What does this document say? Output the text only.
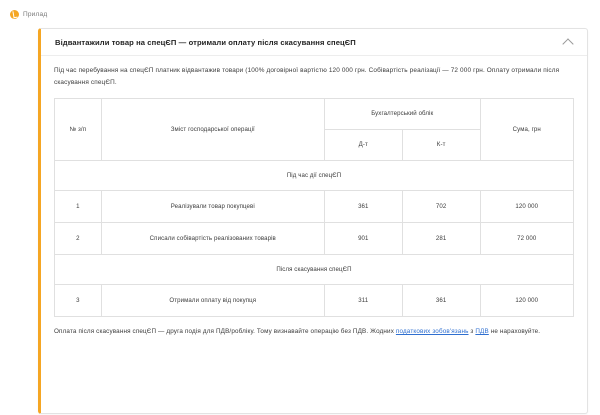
Прилад
Відвантажили товар на спецЄП — отримали оплату після скасування спецЄП

Під час перебування на спецЄП платник відвантажив товари (100% договірної вартістю 120 000 грн. Собівартість реалізації — 72 000 грн. Оплату отримали після скасування спецЄП.

№ з/п	Зміст господарської операції	Бухгалтерський облік		Сума, грн
		Д-т	К-т	
Під час дії спецЄП				
1	Реалізували товар покупцеві	361	702	120 000
2	Списали собівартість реалізованих товарів	901	281	72 000
Після скасування спецЄП				
3	Отримали оплату від покупця	311	361	120 000

Оплата після скасування спецЄП — друга подія для ПДВ/робліку. Тому визнавайте операцію без ПДВ. Жодних податкових зобов'язань з ПДВ не нараховуйте.
